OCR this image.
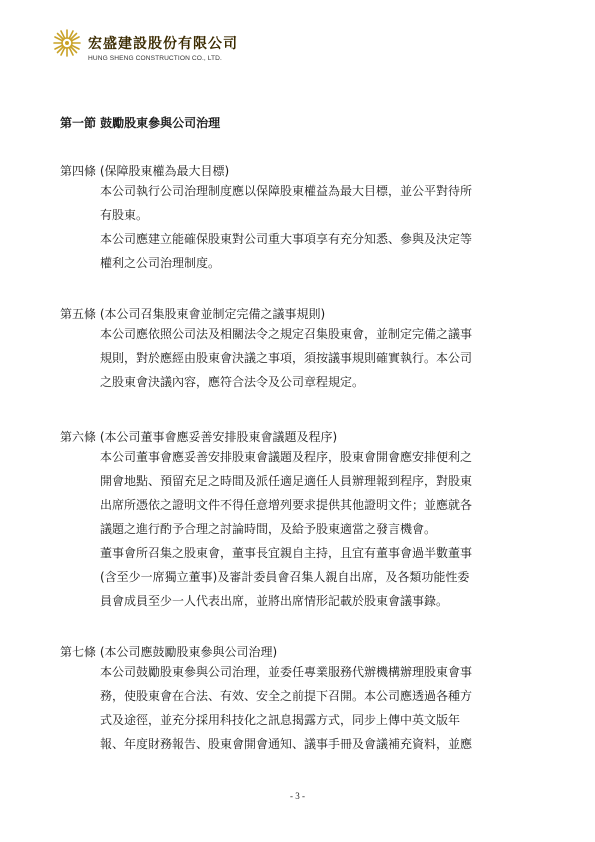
宏盛建設股份有限公司
HUNG SHENG CONSTRUCTION CO., LTD.
第一節 鼓勵股東參與公司治理

第四條 (保障股東權為最大目標)

本公司執行公司治理制度應以保障股東權益為最大目標，並公平對待所

有股東。

本公司應建立能確保股東對公司重大事項享有充分知悉、參與及決定等

權利之公司治理制度。

第五條 (本公司召集股東會並制定完備之議事規則)

本公司應依照公司法及相關法令之規定召集股東會，並制定完備之議事

規則，對於應經由股東會決議之事項，須按議事規則確實執行。本公司

之股東會決議內容，應符合法令及公司章程規定。

第六條 (本公司董事會應妥善安排股東會議題及程序)

本公司董事會應妥善安排股東會議題及程序，股東會開會應安排便利之

開會地點、預留充足之時間及派任適足適任人員辦理報到程序，對股東

出席所憑依之證明文件不得任意增列要求提供其他證明文件；並應就各

議題之進行酌予合理之討論時間，及給予股東適當之發言機會。

董事會所召集之股東會，董事長宜親自主持，且宜有董事會過半數董事

(含至少一席獨立董事)及審計委員會召集人親自出席，及各類功能性委

員會成員至少一人代表出席，並將出席情形記載於股東會議事錄。

第七條 (本公司應鼓勵股東參與公司治理)

本公司鼓勵股東參與公司治理，並委任專業服務代辦機構辦理股東會事

務，使股東會在合法、有效、安全之前提下召開。本公司應透過各種方

式及途徑，並充分採用科技化之訊息揭露方式，同步上傳中英文版年

報、年度財務報告、股東會開會通知、議事手冊及會議補充資料，並應

- 3 -
